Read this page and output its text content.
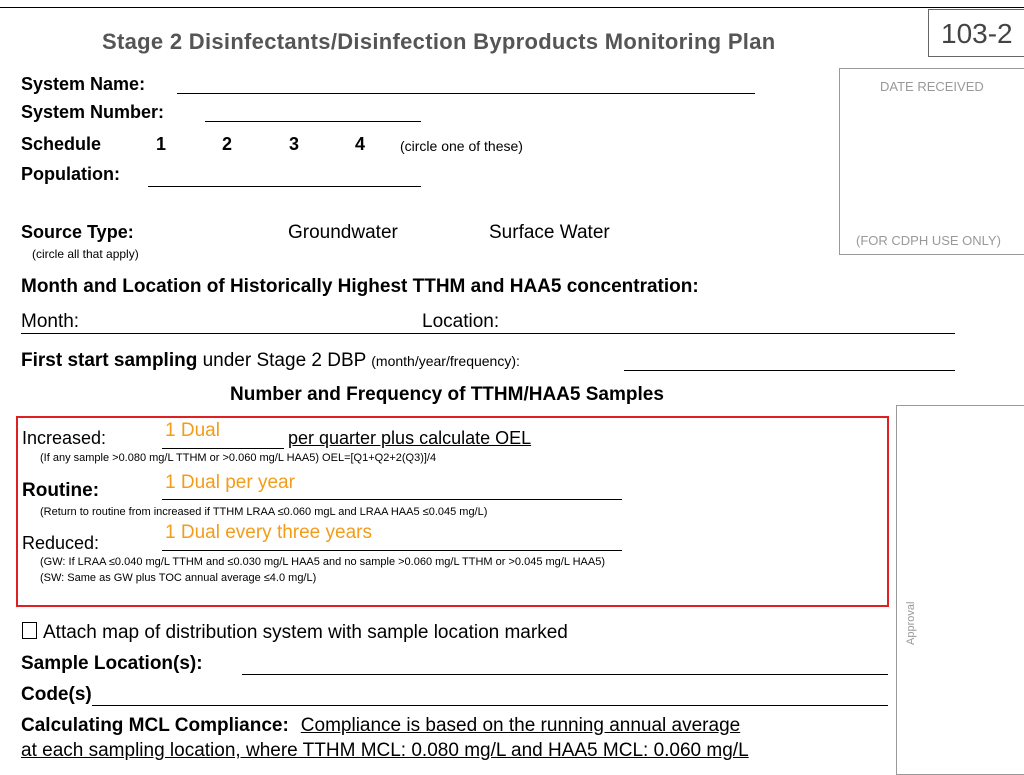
Stage 2 Disinfectants/Disinfection Byproducts Monitoring Plan	103-2
DATE RECEIVED
(FOR CDPH USE ONLY)
System Name:
System Number:
Schedule	1	2	3	4 (circle one of these)
Population:
Source Type:
(circle all that apply)
Groundwater	Surface Water
Month and Location of Historically Highest TTHM and HAA5 concentration:
Month:	Location:
First start sampling under Stage 2 DBP (month/year/frequency):
Number and Frequency of TTHM/HAA5 Samples
Approval
Increased:	1 Dual	per quarter plus calculate OEL
(If any sample >0.080 mg/L TTHM or >0.060 mg/L HAA5) OEL=[Q1+Q2+2(Q3)]/4
Routine:	1 Dual per year
(Return to routine from increased if TTHM LRAA ≤0.060 mgL and LRAA HAA5 ≤0.045 mg/L)
Reduced:	1 Dual every three years
(GW: If LRAA ≤0.040 mg/L TTHM and ≤0.030 mg/L HAA5 and no sample >0.060 mg/L TTHM or >0.045 mg/L HAA5)
(SW: Same as GW plus TOC annual average ≤4.0 mg/L)
Attach map of distribution system with sample location marked
Sample Location(s):
Code(s)
Calculating MCL Compliance: Compliance is based on the running annual average
at each sampling location, where TTHM MCL: 0.080 mg/L and HAA5 MCL: 0.060 mg/L
